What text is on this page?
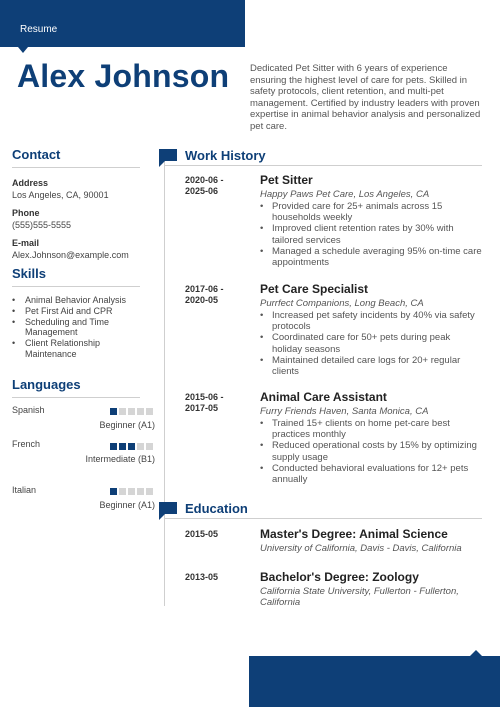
Resume
Alex Johnson Dedicated Pet Sitter with 6 years of experience ensuring the highest level of care for pets. Skilled in safety protocols, client retention, and multi-pet management. Certified by industry leaders with proven expertise in animal behavior analysis and personalized pet care.
Contact
Address
Los Angeles, CA, 90001
Phone
(555)555-5555
E-mail
Alex.Johnson@example.com
Skills
• Animal Behavior Analysis
• Pet First Aid and CPR
• Scheduling and Time Management
• Client Relationship Maintenance
Languages
Spanish
Beginner (A1)
French
Intermediate (B1)
Italian
Beginner (A1)
Work History
2020-06 - 2025-06
Pet Sitter
Happy Paws Pet Care, Los Angeles, CA
• Provided care for 25+ animals across 15 households weekly
• Improved client retention rates by 30% with tailored services
• Managed a schedule averaging 95% on-time care appointments
2017-06 - 2020-05
Pet Care Specialist
Purrfect Companions, Long Beach, CA
• Increased pet safety incidents by 40% via safety protocols
• Coordinated care for 50+ pets during peak holiday seasons
• Maintained detailed care logs for 20+ regular clients
2015-06 - 2017-05
Animal Care Assistant
Furry Friends Haven, Santa Monica, CA
• Trained 15+ clients on home pet-care best practices monthly
• Reduced operational costs by 15% by optimizing supply usage
• Conducted behavioral evaluations for 12+ pets annually
Education
2015-05	Master's Degree: Animal Science
University of California, Davis - Davis, California
2013-05	Bachelor's Degree: Zoology
California State University, Fullerton - Fullerton, California
